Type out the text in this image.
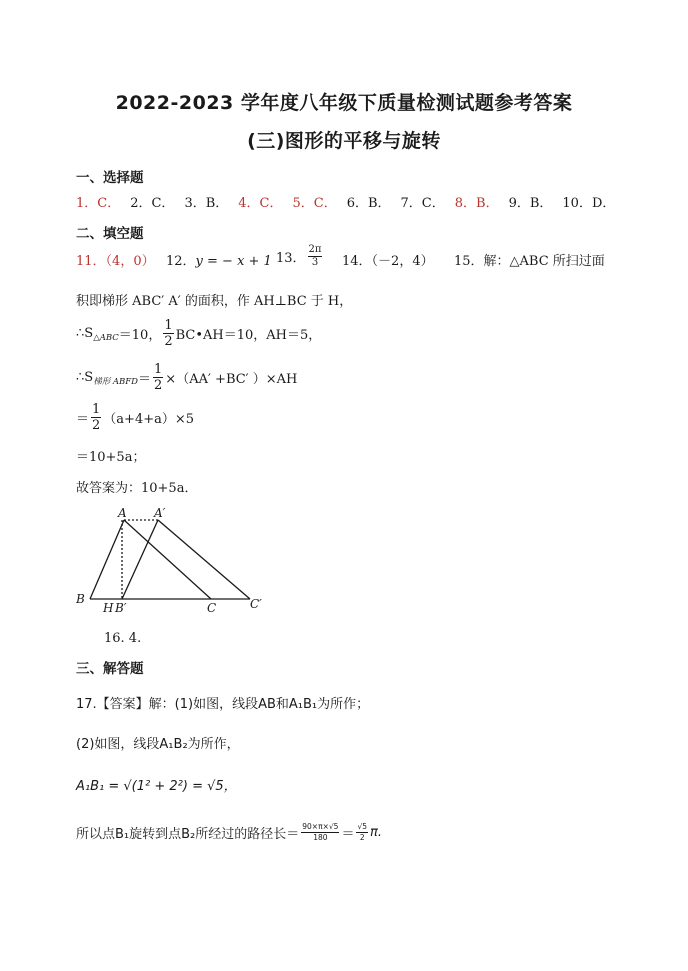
2022-2023 学年度八年级下质量检测试题参考答案
(三)图形的平移与旋转
一、选择题
1．C． 2．C． 3．B． 4．C． 5．C． 6．B． 7．C． 8．B． 9．B． 10．D．
二、填空题
11．（4，0） 12．y = − x + 1 13． $\frac{2\pi}{3} 14$．（－2，4） 15．解：△ABC 所扫过面
积即梯形 ABC′ A′ 的面积，作 AH⊥BC 于 H，
$\therefore S_{\triangle ABC}=10$， $\frac{1}{2}$ BC•AH＝10，AH＝5，
$\therefore S_{梯形 ABFD}= \frac{1}{2} \times(AA' +BC'$ ）×AH
＝ $\frac{1}{2} (a+4+a)\times 5$
＝10+5a；
故答案为：10+5a．
A A′
B
H B′	C	C′
16. 4.
三、解答题
17.【答案】解：(1)如图，线段AB和A₁B₁为所作；
(2)如图，线段A₁B₂为所作，
A₁B₁ = √(1² + 2²) = √5，
所以点B₁旋转到点B₂所经过的路径长＝ $\frac{90\times\pi\times√5}{180} = \frac{√5}{2} \pi$.
